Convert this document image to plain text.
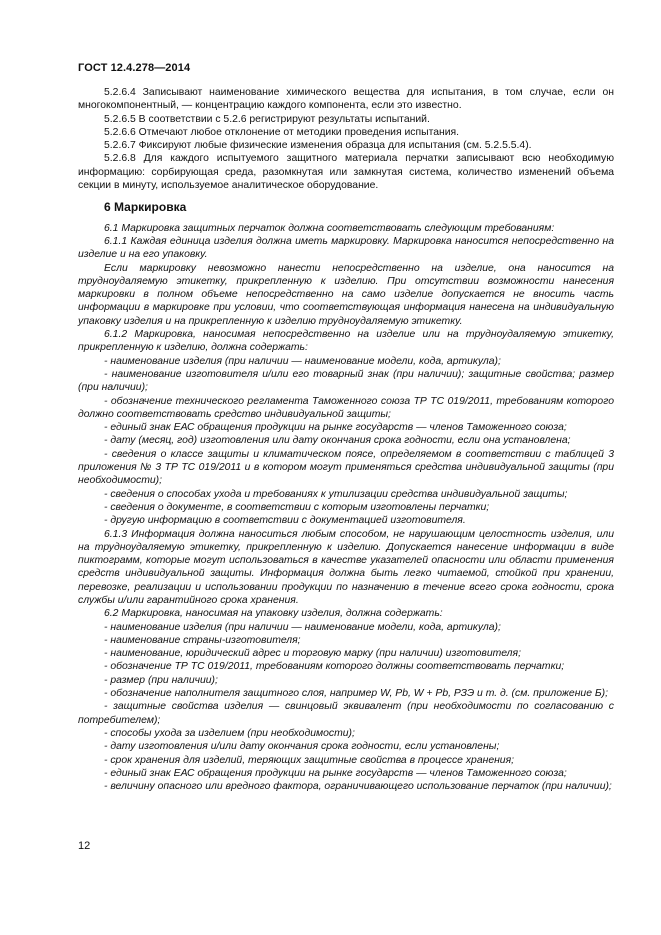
ГОСТ 12.4.278—2014

5.2.6.4 Записывают наименование химического вещества для испытания, в том случае, если он многокомпонентный, — концентрацию каждого компонента, если это известно.

5.2.6.5 В соответствии с 5.2.6 регистрируют результаты испытаний.

5.2.6.6 Отмечают любое отклонение от методики проведения испытания.

5.2.6.7 Фиксируют любые физические изменения образца для испытания (см. 5.2.5.5.4).

5.2.6.8 Для каждого испытуемого защитного материала перчатки записывают всю необходимую информацию: сорбирующая среда, разомкнутая или замкнутая система, количество изменений объема секции в минуту, используемое аналитическое оборудование.

6 Маркировка

6.1 Маркировка защитных перчаток должна соответствовать следующим требованиям:

6.1.1 Каждая единица изделия должна иметь маркировку. Маркировка наносится непосредственно на изделие и на его упаковку.

Если маркировку невозможно нанести непосредственно на изделие, она наносится на трудноудаляемую этикетку, прикрепленную к изделию. При отсутствии возможности нанесения маркировки в полном объеме непосредственно на само изделие допускается не вносить часть информации в маркировке при условии, что соответствующая информация нанесена на индивидуальную упаковку изделия и на прикрепленную к изделию трудноудаляемую этикетку.

6.1.2 Маркировка, наносимая непосредственно на изделие или на трудноудаляемую этикетку, прикрепленную к изделию, должна содержать:

- наименование изделия (при наличии — наименование модели, кода, артикула);

- наименование изготовителя и/или его товарный знак (при наличии); защитные свойства; размер (при наличии);

- обозначение технического регламента Таможенного союза ТР ТС 019/2011, требованиям которого должно соответствовать средство индивидуальной защиты;

- единый знак ЕАС обращения продукции на рынке государств — членов Таможенного союза;

- дату (месяц, год) изготовления или дату окончания срока годности, если она установлена;

- сведения о классе защиты и климатическом поясе, определяемом в соответствии с таблицей 3 приложения № 3 ТР ТС 019/2011 и в котором могут применяться средства индивидуальной защиты (при необходимости);

- сведения о способах ухода и требованиях к утилизации средства индивидуальной защиты;

- сведения о документе, в соответствии с которым изготовлены перчатки;

- другую информацию в соответствии с документацией изготовителя.

6.1.3 Информация должна наноситься любым способом, не нарушающим целостность изделия, или на трудноудаляемую этикетку, прикрепленную к изделию. Допускается нанесение информации в виде пиктограмм, которые могут использоваться в качестве указателей опасности или области применения средств индивидуальной защиты. Информация должна быть легко читаемой, стойкой при хранении, перевозке, реализации и использовании продукции по назначению в течение всего срока годности, срока службы и/или гарантийного срока хранения.

6.2 Маркировка, наносимая на упаковку изделия, должна содержать:

- наименование изделия (при наличии — наименование модели, кода, артикула);

- наименование страны-изготовителя;

- наименование, юридический адрес и торговую марку (при наличии) изготовителя;

- обозначение ТР ТС 019/2011, требованиям которого должны соответствовать перчатки;

- размер (при наличии);

- обозначение наполнителя защитного слоя, например W, Pb, W + Pb, РЗЭ и т. д. (см. приложение Б);

- защитные свойства изделия — свинцовый эквивалент (при необходимости по согласованию с потребителем);

- способы ухода за изделием (при необходимости);

- дату изготовления и/или дату окончания срока годности, если установлены;

- срок хранения для изделий, теряющих защитные свойства в процессе хранения;

- единый знак ЕАС обращения продукции на рынке государств — членов Таможенного союза;

- величину опасного или вредного фактора, ограничивающего использование перчаток (при наличии);

12
